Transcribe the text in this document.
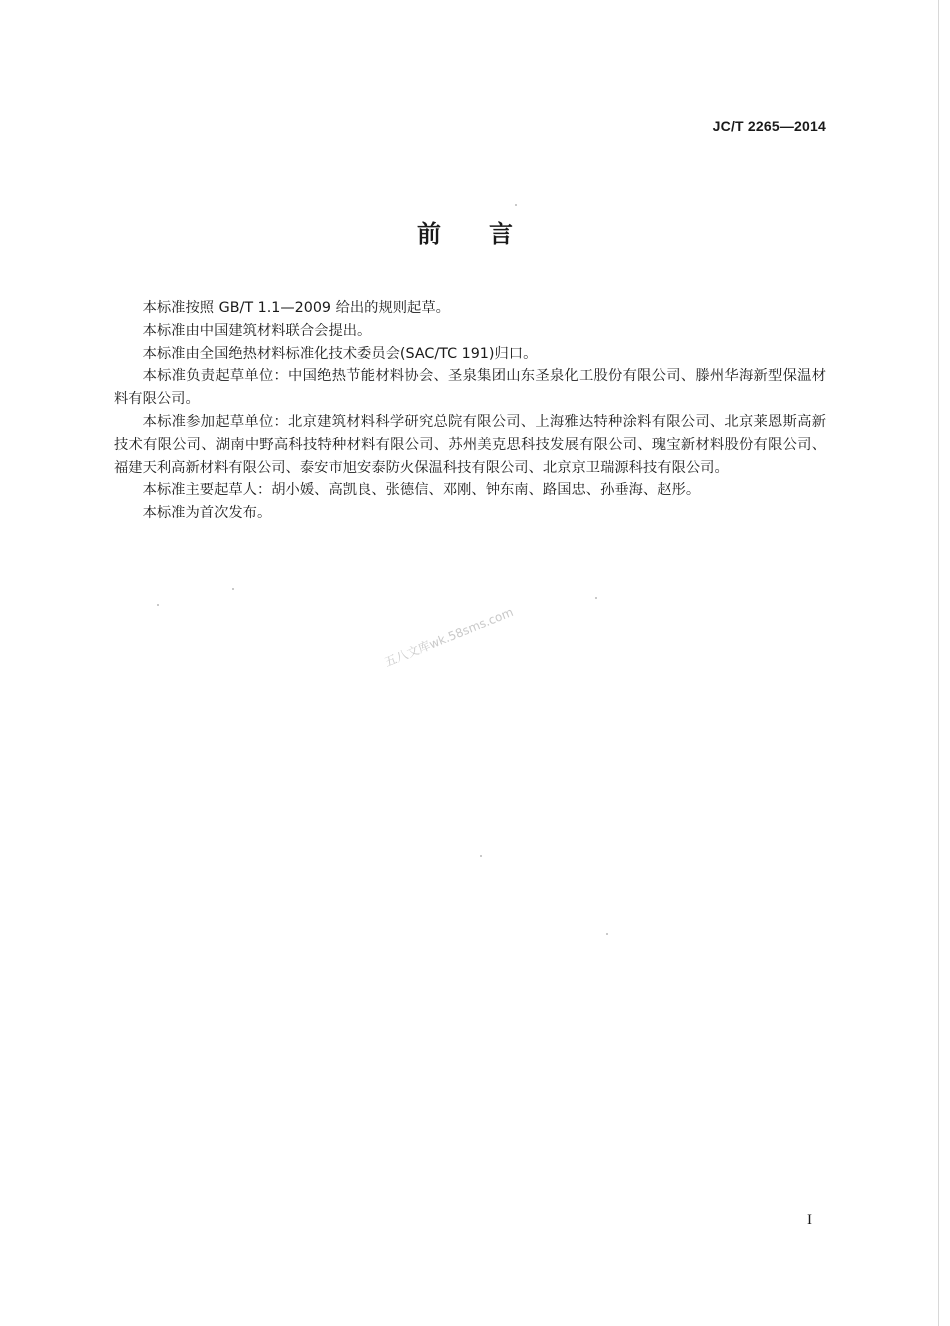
JC/T 2265—2014
前言

本标准按照 GB/T 1.1—2009 给出的规则起草。

本标准由中国建筑材料联合会提出。

本标准由全国绝热材料标准化技术委员会(SAC/TC 191)归口。

本标准负责起草单位：中国绝热节能材料协会、圣泉集团山东圣泉化工股份有限公司、滕州华海新型保温材料有限公司。

本标准参加起草单位：北京建筑材料科学研究总院有限公司、上海雅达特种涂料有限公司、北京莱恩斯高新技术有限公司、湖南中野高科技特种材料有限公司、苏州美克思科技发展有限公司、瑰宝新材料股份有限公司、福建天利高新材料有限公司、泰安市旭安泰防火保温科技有限公司、北京京卫瑞源科技有限公司。

本标准主要起草人：胡小媛、高凯良、张德信、邓刚、钟东南、路国忠、孙垂海、赵彤。

本标准为首次发布。

五八文库wk.58sms.com
I
